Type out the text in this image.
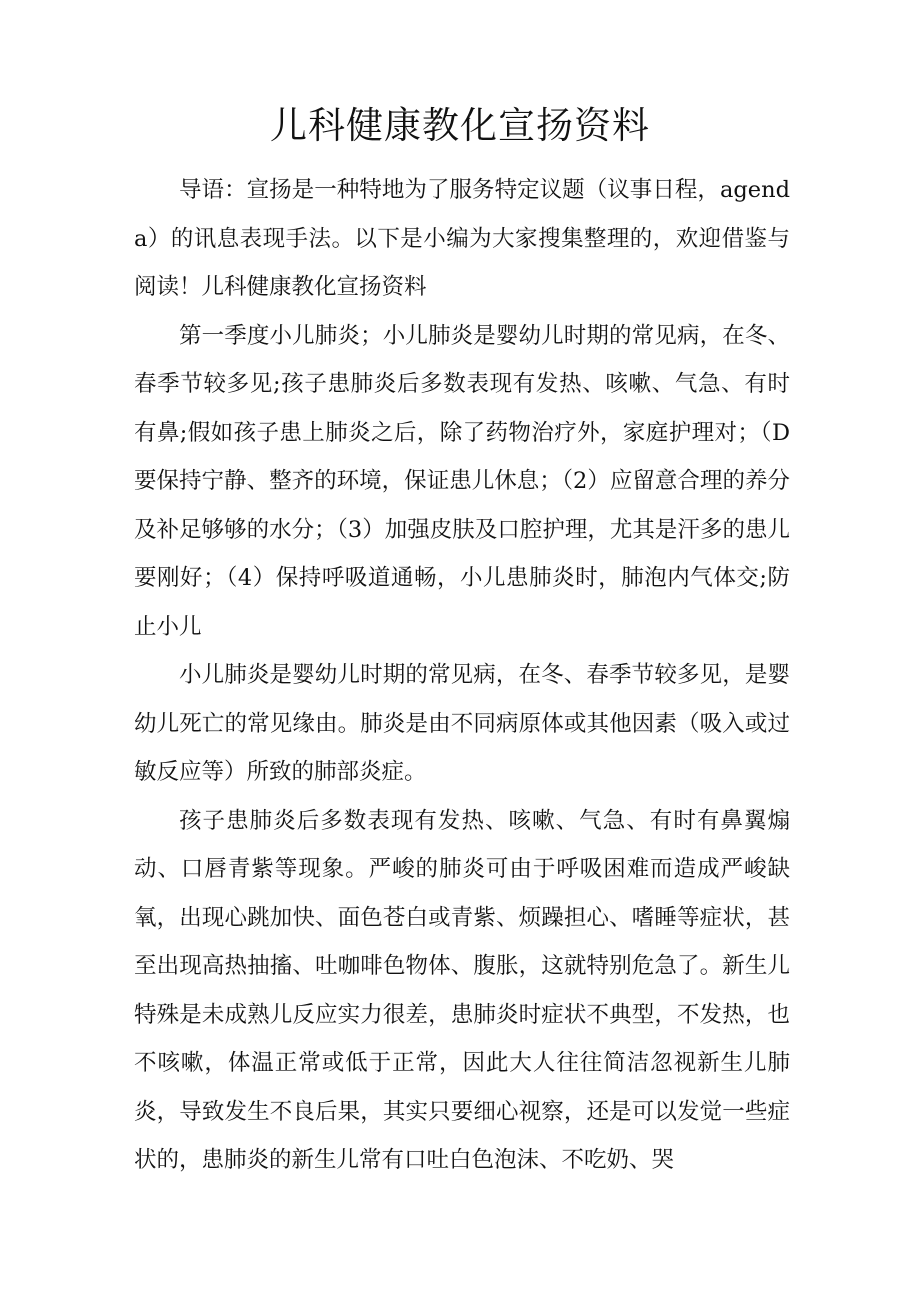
儿科健康教化宣扬资料

导语：宣扬是一种特地为了服务特定议题（议事日程，agenda）的讯息表现手法。以下是小编为大家搜集整理的，欢迎借鉴与阅读！儿科健康教化宣扬资料

第一季度小儿肺炎；小儿肺炎是婴幼儿时期的常见病，在冬、春季节较多见;孩子患肺炎后多数表现有发热、咳嗽、气急、有时有鼻;假如孩子患上肺炎之后，除了药物治疗外，家庭护理对；（D要保持宁静、整齐的环境，保证患儿休息；（2）应留意合理的养分及补足够够的水分；（3）加强皮肤及口腔护理，尤其是汗多的患儿要刚好；（4）保持呼吸道通畅，小儿患肺炎时，肺泡内气体交;防止小儿

小儿肺炎是婴幼儿时期的常见病，在冬、春季节较多见，是婴幼儿死亡的常见缘由。肺炎是由不同病原体或其他因素（吸入或过敏反应等）所致的肺部炎症。

孩子患肺炎后多数表现有发热、咳嗽、气急、有时有鼻翼煽动、口唇青紫等现象。严峻的肺炎可由于呼吸困难而造成严峻缺氧，出现心跳加快、面色苍白或青紫、烦躁担心、嗜睡等症状，甚至出现高热抽搐、吐咖啡色物体、腹胀，这就特别危急了。新生儿特殊是未成熟儿反应实力很差，患肺炎时症状不典型，不发热，也不咳嗽，体温正常或低于正常，因此大人往往简洁忽视新生儿肺炎，导致发生不良后果，其实只要细心视察，还是可以发觉一些症状的，患肺炎的新生儿常有口吐白色泡沫、不吃奶、哭
